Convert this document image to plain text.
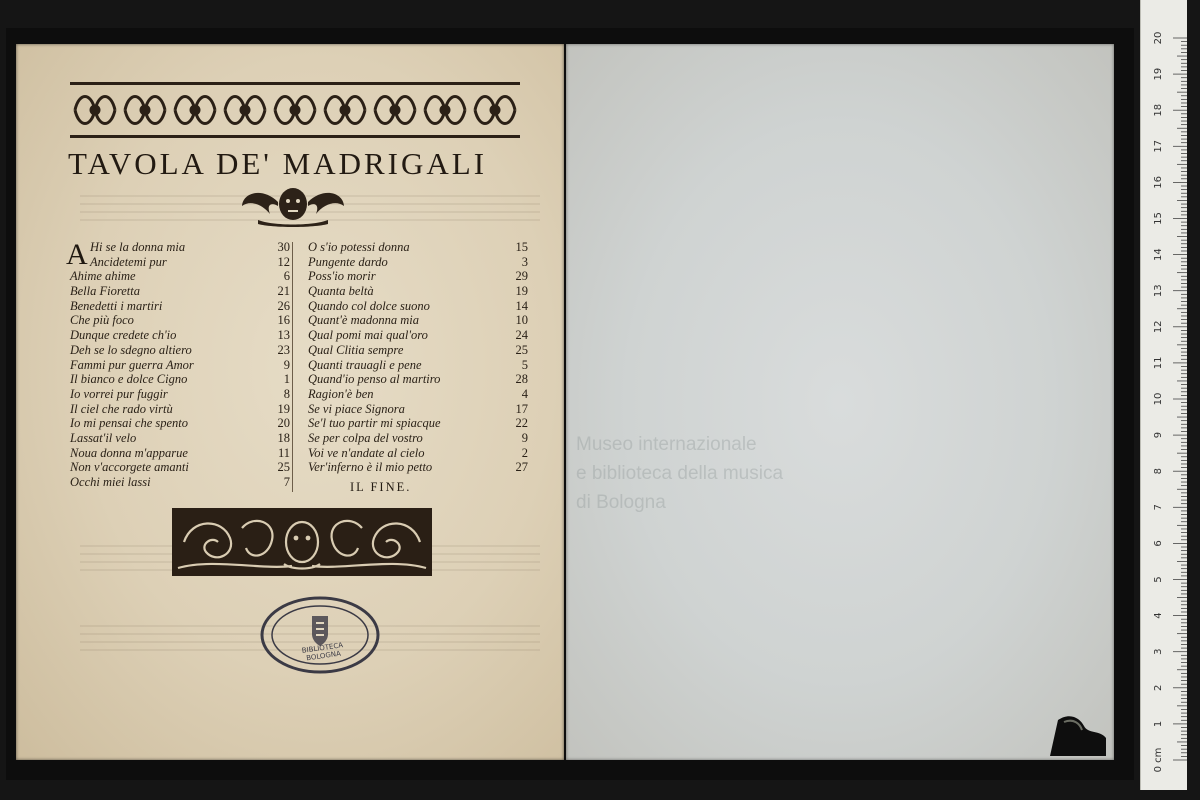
TAVOLA DE' MADRIGALI
A Hi se la donna mia	30
Ancidetemi pur	12
Ahime ahime	6
Bella Fioretta	21
Benedetti i martiri	26
Che più foco	16
Dunque credete ch'io	13
Deh se lo sdegno altiero	23
Fammi pur guerra Amor	9
Il bianco e dolce Cigno	1
Io vorrei pur fuggir	8
Il ciel che rado virtù	19
Io mi pensai che spento	20
Lassat'il velo	18
Noua donna m'apparue	11
Non v'accorgete amanti	25
Occhi miei lassi	7
O s'io potessi donna	15
Pungente dardo	3
Poss'io morir	29
Quanta beltà	19
Quando col dolce suono	14
Quant'è madonna mia	10
Qual pomi mai qual'oro	24
Qual Clitia sempre	25
Quanti trauagli e pene	5
Quand'io penso al martiro	28
Ragion'è ben	4
Se vi piace Signora	17
Se'l tuo partir mi spiacque	22
Se per colpa del vostro	9
Voi ve n'andate al cielo	2
Ver'inferno è il mio petto	27
IL FINE.
BIBLIOTECA BOLOGNA
Museo internazionale
e biblioteca della musica
di Bologna
0 cm
1
2
3
4
5
6
7
8
9
10
11
12
13
14
15
16
17
18
19
20
